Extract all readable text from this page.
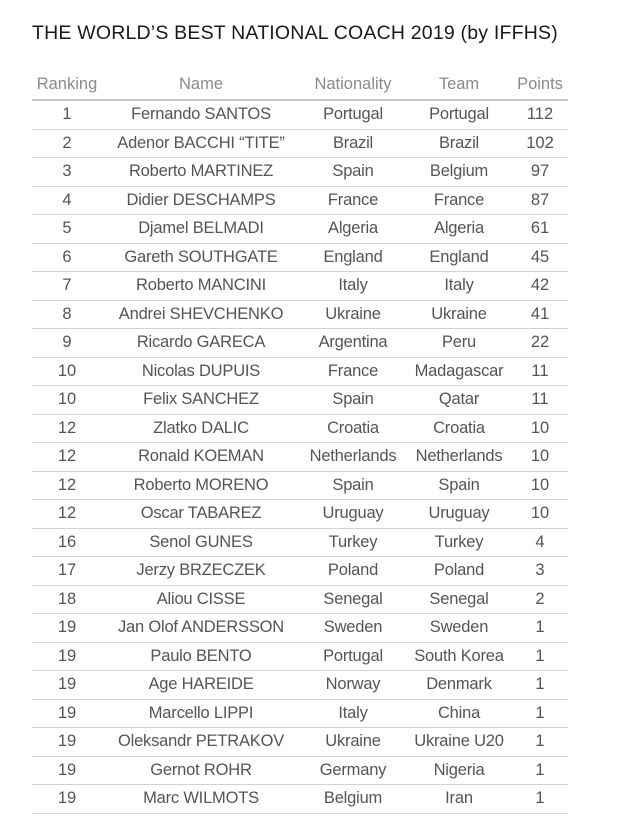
THE WORLD’S BEST NATIONAL COACH 2019 (by IFFHS)
Ranking	Name	Nationality	Team	Points
1	Fernando SANTOS	Portugal	Portugal	112
2	Adenor BACCHI “TITE”	Brazil	Brazil	102
3	Roberto MARTINEZ	Spain	Belgium	97
4	Didier DESCHAMPS	France	France	87
5	Djamel BELMADI	Algeria	Algeria	61
6	Gareth SOUTHGATE	England	England	45
7	Roberto MANCINI	Italy	Italy	42
8	Andrei SHEVCHENKO	Ukraine	Ukraine	41
9	Ricardo GARECA	Argentina	Peru	22
10	Nicolas DUPUIS	France	Madagascar	11
10	Felix SANCHEZ	Spain	Qatar	11
12	Zlatko DALIC	Croatia	Croatia	10
12	Ronald KOEMAN	Netherlands	Netherlands	10
12	Roberto MORENO	Spain	Spain	10
12	Oscar TABAREZ	Uruguay	Uruguay	10
16	Senol GUNES	Turkey	Turkey	4
17	Jerzy BRZECZEK	Poland	Poland	3
18	Aliou CISSE	Senegal	Senegal	2
19	Jan Olof ANDERSSON	Sweden	Sweden	1
19	Paulo BENTO	Portugal	South Korea	1
19	Age HAREIDE	Norway	Denmark	1
19	Marcello LIPPI	Italy	China	1
19	Oleksandr PETRAKOV	Ukraine	Ukraine U20	1
19	Gernot ROHR	Germany	Nigeria	1
19	Marc WILMOTS	Belgium	Iran	1
